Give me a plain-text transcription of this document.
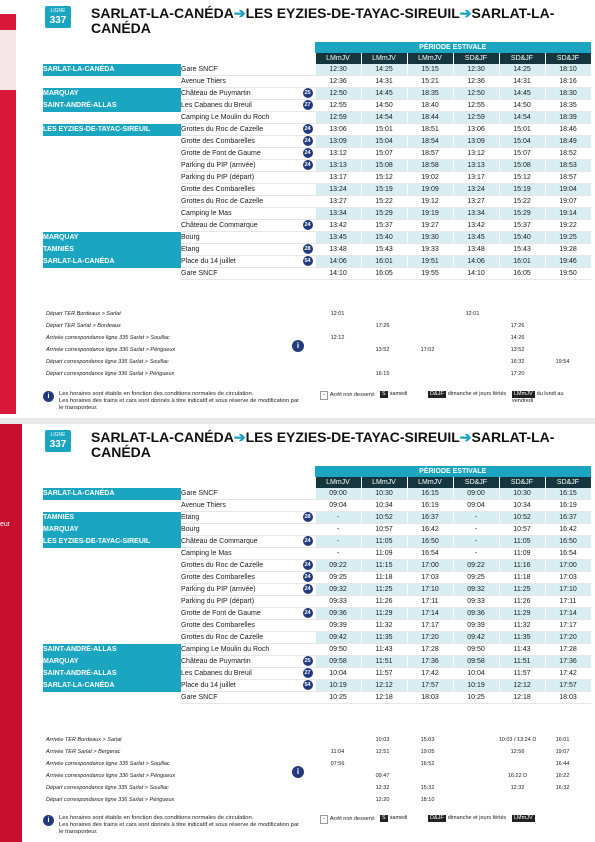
LIGNE
337	SARLAT-LA-CANÉDA➔LES EYZIES-DE-TAYAC-SIREUIL➔SARLAT-LA-CANÉDA
		PÉRIODE ESTIVALE					
		LMmJV	LMmJV	LMmJV	SD&JF	SD&JF	SD&JF
SARLAT-LA-CANÉDA	Gare SNCF	12:30	14:25	15:15	12:30	14:25	18:10
	Avenue Thiers	12:36	14:31	15:21	12:36	14:31	18:16
MARQUAY	Château de Puymartin 25	12:50	14:45	18:35	12:50	14:45	18:30
SAINT-ANDRÉ-ALLAS	Les Cabanes du Breuil 27	12:55	14:50	18:40	12:55	14:50	18:35
	Camping Le Moulin du Roch	12:59	14:54	18:44	12:59	14:54	18:39
LES EYZIES-DE-TAYAC-SIREUIL	Grottes du Roc de Cazelle 24	13:06	15:01	18:51	13:06	15:01	18:46
	Grotte des Combarelles 24	13:09	15:04	18:54	13:09	15:04	18:49
	Grotte de Font de Gaume 24	13:12	15:07	18:57	13:12	15:07	18:52
	Parking du PIP (arrivée) 24	13:13	15:08	18:58	13:13	15:08	18:53
	Parking du PIP (départ)	13:17	15:12	19:02	13:17	15:12	18:57
	Grotte des Combarelles	13:24	15:19	19:09	13:24	15:19	19:04
	Grottes du Roc de Cazelle	13:27	15:22	19:12	13:27	15:22	19:07
	Camping le Mas	13:34	15:29	19:19	13:34	15:29	19:14
	Château de Commarque 24	13:42	15:37	19:27	13:42	15:37	19:22
MARQUAY	Bourg	13:45	15:40	19:30	13:45	15:40	19:25
TAMNIÈS	Etang 28	13:48	15:43	19:33	13:48	15:43	19:28
SARLAT-LA-CANÉDA	Place du 14 juillet 54	14:06	16:01	19:51	14:06	16:01	19:46
	Gare SNCF	14:10	16:05	19:55	14:10	16:05	19:50
Départ TER Bordeaux > Sarlat	12:01			12:01		
Départ TER Sarlat > Bordeaux		17:26			17:26	
Arrivée correspondance ligne 335 Sarlat > Souillac	12:12				14:26	
Arrivée correspondance ligne 336 Sarlat > Périgueux		13:52	17:02		13:52	
Départ correspondance ligne 335 Sarlat > Souillac					16:32	19:54
Départ correspondance ligne 336 Sarlat > Périgueux		16:15			17:20	
i
i	Les horaires sont établis en fonction des conditions normales de circulation.
Les horaires des trains et cars sont donnés à titre indicatif et sous réserve de modification par le transporteur.
- Arrêt non desservi	S samedi	D&JF dimanche et jours fériés	LMmJV du lundi au vendredi
eur
LIGNE
337	SARLAT-LA-CANÉDA➔LES EYZIES-DE-TAYAC-SIREUIL➔SARLAT-LA-CANÉDA
		PÉRIODE ESTIVALE					
		LMmJV	LMmJV	LMmJV	SD&JF	SD&JF	SD&JF
SARLAT-LA-CANÉDA	Gare SNCF	09:00	10:30	16:15	09:00	10:30	16:15
	Avenue Thiers	09:04	10:34	16:19	09:04	10:34	16:19
TAMNIÈS	Etang 28	-	10:52	16:37	-	10:52	16:37
MARQUAY	Bourg	-	10:57	16:42	-	10:57	16:42
LES EYZIES-DE-TAYAC-SIREUIL	Château de Commarque 24	-	11:05	16:50	-	11:05	16:50
	Camping le Mas	-	11:09	16:54	-	11:09	16:54
	Grottes du Roc de Cazelle 24	09:22	11:15	17:00	09:22	11:16	17:00
	Grotte des Combarelles 24	09:25	11:18	17:03	09:25	11:18	17:03
	Parking du PIP (arrivée) 24	09:32	11:25	17:10	09:32	11:25	17:10
	Parking du PIP (départ)	09:33	11:26	17:11	09:33	11:26	17:11
	Grotte de Font de Gaume 24	09:36	11:29	17:14	09:36	11:29	17:14
	Grotte des Combarelles	09:39	11:32	17:17	09:39	11:32	17:17
	Grottes du Roc de Cazelle	09:42	11:35	17:20	09:42	11:35	17:20
SAINT-ANDRÉ-ALLAS	Camping Le Moulin du Roch	09:50	11:43	17:28	09:50	11:43	17:28
MARQUAY	Château de Puymartin 25	09:58	11:51	17:36	09:58	11:51	17:36
SAINT-ANDRÉ-ALLAS	Les Cabanes du Breuil 27	10:04	11:57	17:42	10:04	11:57	17:42
SARLAT-LA-CANÉDA	Place du 14 juillet 54	10:19	12:12	17:57	10:19	12:12	17:57
	Gare SNCF	10:25	12:18	18:03	10:25	12:18	18:03
Arrivée TER Bordeaux > Sarlat		10:03	15:03		10:03 / 13:24 D	16:01
Arrivée TER Sarlat > Bergerac	11:04	12:51	19:05		12:56	19:07
Arrivée correspondance ligne 335 Sarlat > Souillac	07:56		16:52			16:44
Arrivée correspondance ligne 336 Sarlat > Périgueux		09:47			16:22 D	16:22
Départ correspondance ligne 335 Sarlat > Souillac		12:32	15:32		12:32	16:32
Départ correspondance ligne 336 Sarlat > Périgueux		12:20	18:10			
i
i	Les horaires sont établis en fonction des conditions normales de circulation.
Les horaires des trains et cars sont donnés à titre indicatif et sous réserve de modification par le transporteur.
- Arrêt non desservi	S samedi	D&JF dimanche et jours fériés	LMmJV
